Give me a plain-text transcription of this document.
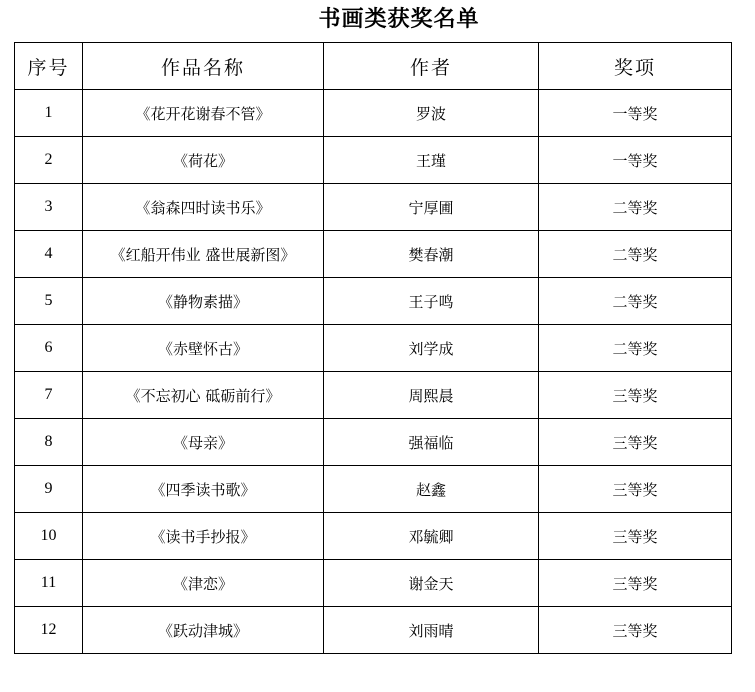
书画类获奖名单
序号	作品名称	作者	奖项
1	《花开花谢春不管》	罗波	一等奖
2	《荷花》	王瑾	一等奖
3	《翁森四时读书乐》	宁厚圃	二等奖
4	《红船开伟业 盛世展新图》	樊春潮	二等奖
5	《静物素描》	王子鸣	二等奖
6	《赤壁怀古》	刘学成	二等奖
7	《不忘初心 砥砺前行》	周熙晨	三等奖
8	《母亲》	强福临	三等奖
9	《四季读书歌》	赵鑫	三等奖
10	《读书手抄报》	邓毓卿	三等奖
11	《津恋》	谢金天	三等奖
12	《跃动津城》	刘雨晴	三等奖
